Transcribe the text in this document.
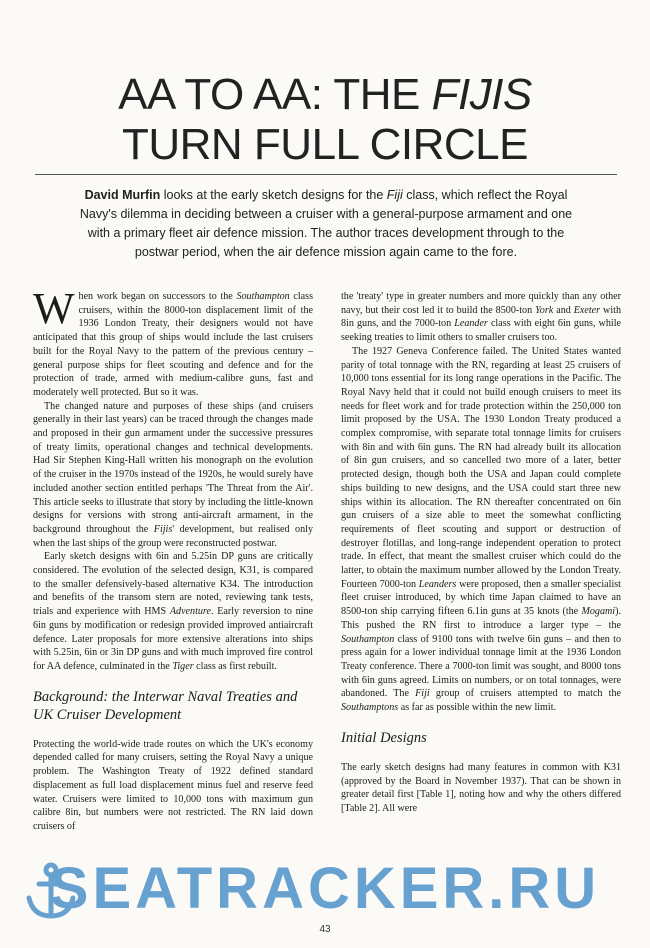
AA TO AA: THE FIJIS
TURN FULL CIRCLE

David Murfin looks at the early sketch designs for the Fiji class, which reflect the Royal Navy's dilemma in deciding between a cruiser with a general-purpose armament and one with a primary fleet air defence mission. The author traces development through to the postwar period, when the air defence mission again came to the fore.

When work began on successors to the Southampton class cruisers, within the 8000-ton displacement limit of the 1936 London Treaty, their designers would not have anticipated that this group of ships would include the last cruisers built for the Royal Navy to the pattern of the previous century – general purpose ships for fleet scouting and defence and for the protection of trade, armed with medium-calibre guns, fast and moderately well protected. But so it was.

The changed nature and purposes of these ships (and cruisers generally in their last years) can be traced through the changes made and proposed in their gun armament under the successive pressures of treaty limits, operational changes and technical developments. Had Sir Stephen King-Hall written his monograph on the evolution of the cruiser in the 1970s instead of the 1920s, he would surely have included another section entitled perhaps 'The Threat from the Air'. This article seeks to illustrate that story by including the little-known designs for versions with strong anti-aircraft armament, in the background throughout the Fijis' development, but realised only when the last ships of the group were reconstructed postwar.

Early sketch designs with 6in and 5.25in DP guns are critically considered. The evolution of the selected design, K31, is compared to the smaller defensively-based alternative K34. The introduction and benefits of the transom stern are noted, reviewing tank tests, trials and experience with HMS Adventure. Early reversion to nine 6in guns by modification or redesign provided improved antiaircraft defence. Later proposals for more extensive alterations into ships with 5.25in, 6in or 3in DP guns and with much improved fire control for AA defence, culminated in the Tiger class as first rebuilt.

Background: the Interwar Naval Treaties and UK Cruiser Development

Protecting the world-wide trade routes on which the UK's economy depended called for many cruisers, setting the Royal Navy a unique problem. The Washington Treaty of 1922 defined standard displacement as full load displacement minus fuel and reserve feed water. Cruisers were limited to 10,000 tons with maximum gun calibre 8in, but numbers were not restricted. The RN laid down cruisers of

the 'treaty' type in greater numbers and more quickly than any other navy, but their cost led it to build the 8500-ton York and Exeter with 8in guns, and the 7000-ton Leander class with eight 6in guns, while seeking treaties to limit others to smaller cruisers too.

The 1927 Geneva Conference failed. The United States wanted parity of total tonnage with the RN, regarding at least 25 cruisers of 10,000 tons essential for its long range operations in the Pacific. The Royal Navy held that it could not build enough cruisers to meet its needs for fleet work and for trade protection within the 250,000 ton limit proposed by the USA. The 1930 London Treaty produced a complex compromise, with separate total tonnage limits for cruisers with 8in and with 6in guns. The RN had already built its allocation of 8in gun cruisers, and so cancelled two more of a later, better protected design, though both the USA and Japan could complete ships building to new designs, and the USA could start three new ships within its allocation. The RN thereafter concentrated on 6in gun cruisers of a size able to meet the somewhat conflicting requirements of fleet scouting and support or destruction of destroyer flotillas, and long-range independent operation to protect trade. In effect, that meant the smallest cruiser which could do the latter, to obtain the maximum number allowed by the London Treaty. Fourteen 7000-ton Leanders were proposed, then a smaller specialist fleet cruiser introduced, by which time Japan claimed to have an 8500-ton ship carrying fifteen 6.1in guns at 35 knots (the Mogami). This pushed the RN first to introduce a larger type – the Southampton class of 9100 tons with twelve 6in guns – and then to press again for a lower individual tonnage limit at the 1936 London Treaty conference. There a 7000-ton limit was sought, and 8000 tons with 6in guns agreed. Limits on numbers, or on total tonnages, were abandoned. The Fiji group of cruisers attempted to match the Southamptons as far as possible within the new limit.

Initial Designs

The early sketch designs had many features in common with K31 (approved by the Board in November 1937). That can be shown in greater detail first [Table 1], noting how and why the others differed [Table 2]. All were

SEATRACKER.RU
43
